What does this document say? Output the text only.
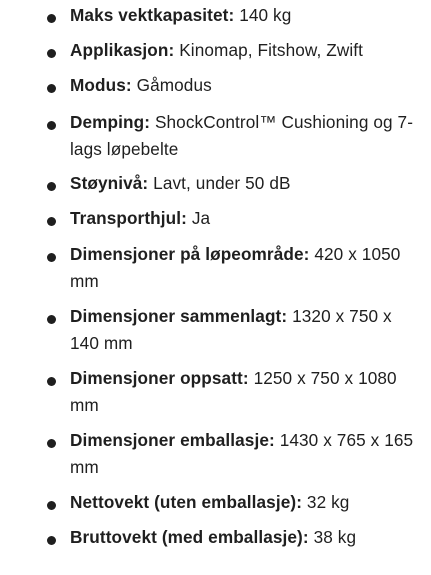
Maks vektkapasitet: 140 kg
Applikasjon: Kinomap, Fitshow, Zwift
Modus: Gåmodus
Demping: ShockControl™ Cushioning og 7-lags løpebelte
Støynivå: Lavt, under 50 dB
Transporthjul: Ja
Dimensjoner på løpeområde: 420 x 1050 mm
Dimensjoner sammenlagt: 1320 x 750 x 140 mm
Dimensjoner oppsatt: 1250 x 750 x 1080 mm
Dimensjoner emballasje: 1430 x 765 x 165 mm
Nettovekt (uten emballasje): 32 kg
Bruttovekt (med emballasje): 38 kg
